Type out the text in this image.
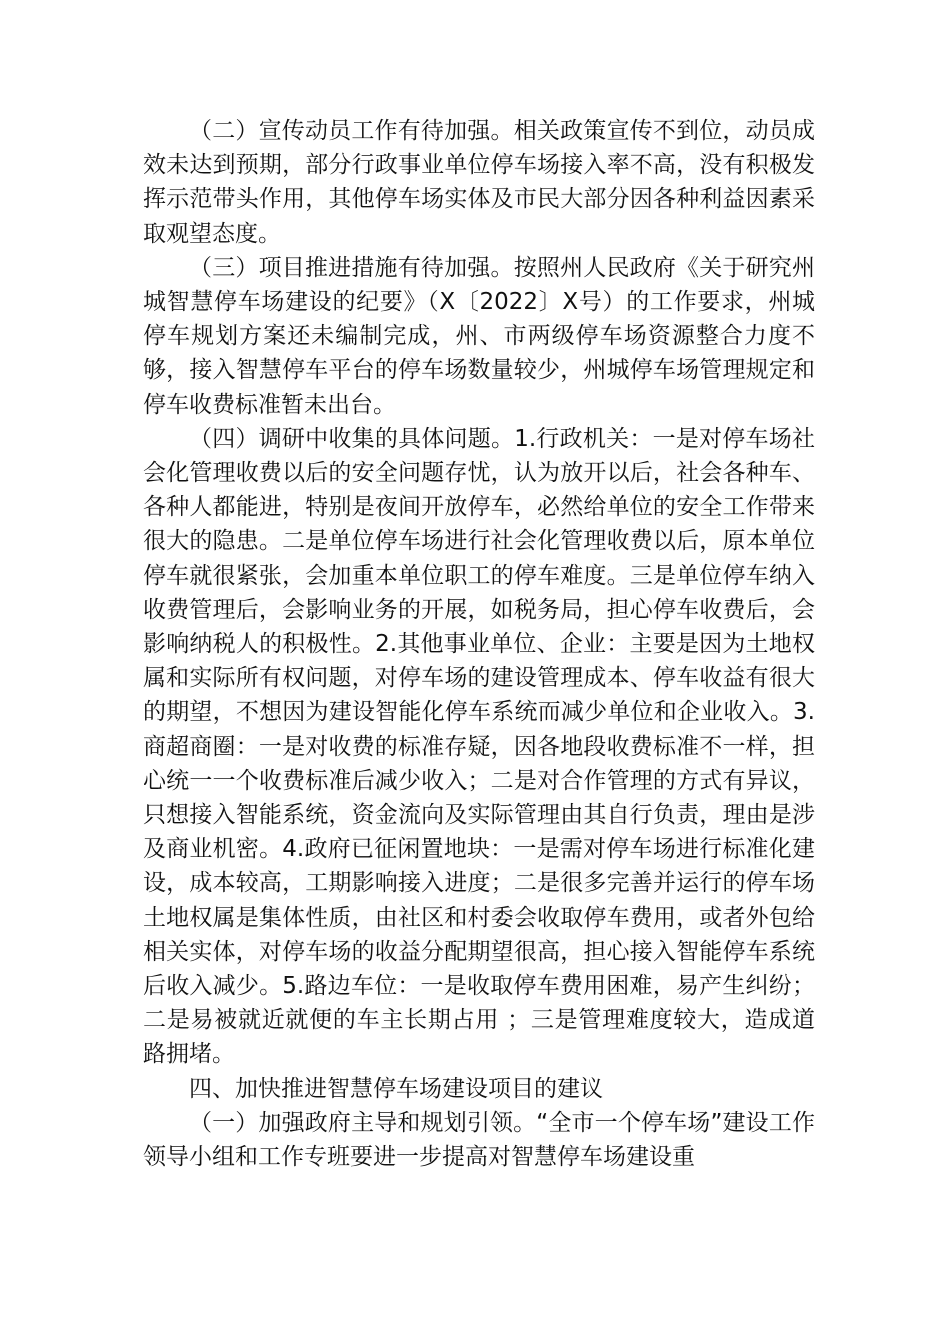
（二）宣传动员工作有待加强。相关政策宣传不到位，动员成效未达到预期，部分行政事业单位停车场接入率不高，没有积极发挥示范带头作用，其他停车场实体及市民大部分因各种利益因素采取观望态度。

（三）项目推进措施有待加强。按照州人民政府《关于研究州城智慧停车场建设的纪要》（X〔2022〕X号）的工作要求，州城停车规划方案还未编制完成，州、市两级停车场资源整合力度不够，接入智慧停车平台的停车场数量较少，州城停车场管理规定和停车收费标准暂未出台。

（四）调研中收集的具体问题。1.行政机关：一是对停车场社会化管理收费以后的安全问题存忧，认为放开以后，社会各种车、各种人都能进，特别是夜间开放停车，必然给单位的安全工作带来很大的隐患。二是单位停车场进行社会化管理收费以后，原本单位停车就很紧张，会加重本单位职工的停车难度。三是单位停车纳入收费管理后，会影响业务的开展，如税务局，担心停车收费后，会影响纳税人的积极性。2.其他事业单位、企业：主要是因为土地权属和实际所有权问题，对停车场的建设管理成本、停车收益有很大的期望，不想因为建设智能化停车系统而减少单位和企业收入。3.商超商圈：一是对收费的标准存疑，因各地段收费标准不一样，担心统一一个收费标准后减少收入；二是对合作管理的方式有异议，只想接入智能系统，资金流向及实际管理由其自行负责，理由是涉及商业机密。4.政府已征闲置地块：一是需对停车场进行标准化建设，成本较高，工期影响接入进度；二是很多完善并运行的停车场土地权属是集体性质，由社区和村委会收取停车费用，或者外包给相关实体，对停车场的收益分配期望很高，担心接入智能停车系统后收入减少。5.路边车位：一是收取停车费用困难，易产生纠纷；二是易被就近就便的车主长期占用 ；三是管理难度较大，造成道路拥堵。

四、加快推进智慧停车场建设项目的建议

（一）加强政府主导和规划引领。“全市一个停车场”建设工作领导小组和工作专班要进一步提高对智慧停车场建设重
